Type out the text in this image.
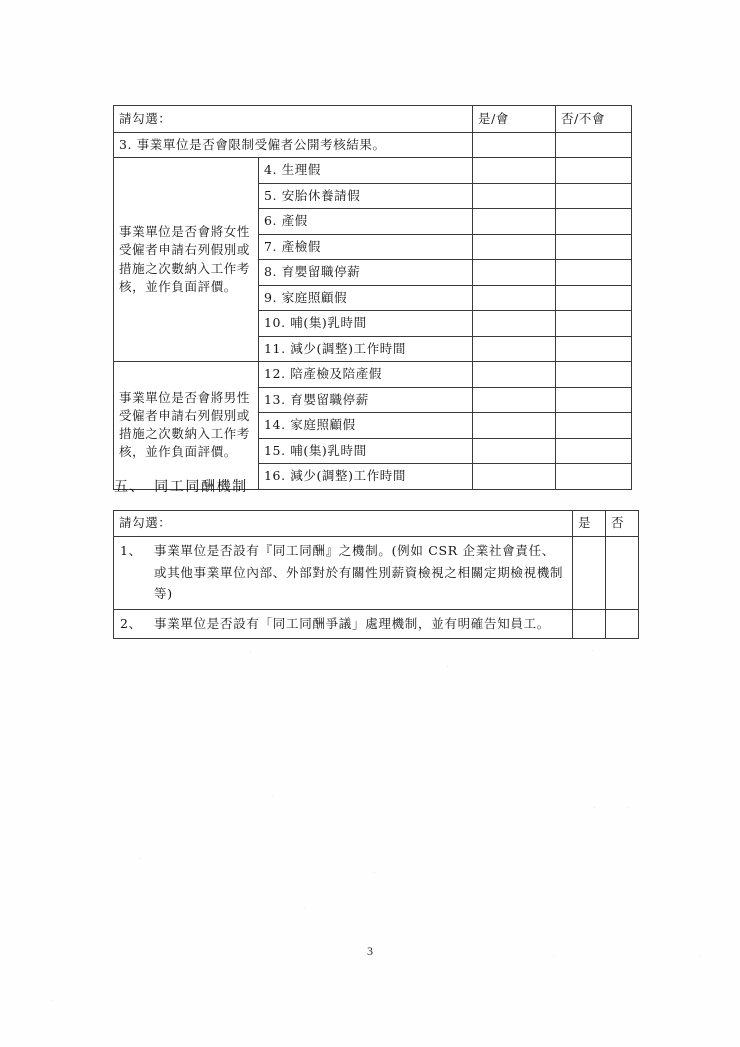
請勾選：		是/會	否/不會
3. 事業單位是否會限制受僱者公開考核結果。			
事業單位是否會將女性受僱者申請右列假別或措施之次數納入工作考核，並作負面評價。	4. 生理假		
	5. 安胎休養請假		
	6. 產假		
	7. 產檢假		
	8. 育嬰留職停薪		
	9. 家庭照顧假		
	10. 哺(集)乳時間		
	11. 減少(調整)工作時間		
事業單位是否會將男性受僱者申請右列假別或措施之次數納入工作考核，並作負面評價。	12. 陪產檢及陪產假		
	13. 育嬰留職停薪		
	14. 家庭照顧假		
	15. 哺(集)乳時間		
	16. 減少(調整)工作時間		
五、 同工同酬機制
請勾選：	是	否

1、 事業單位是否設有『同工同酬』之機制。(例如 CSR 企業社會責任、或其他事業單位內部、外部對於有關性別薪資檢視之相關定期檢視機制等)		

2、 事業單位是否設有「同工同酬爭議」處理機制，並有明確告知員工。		

3
